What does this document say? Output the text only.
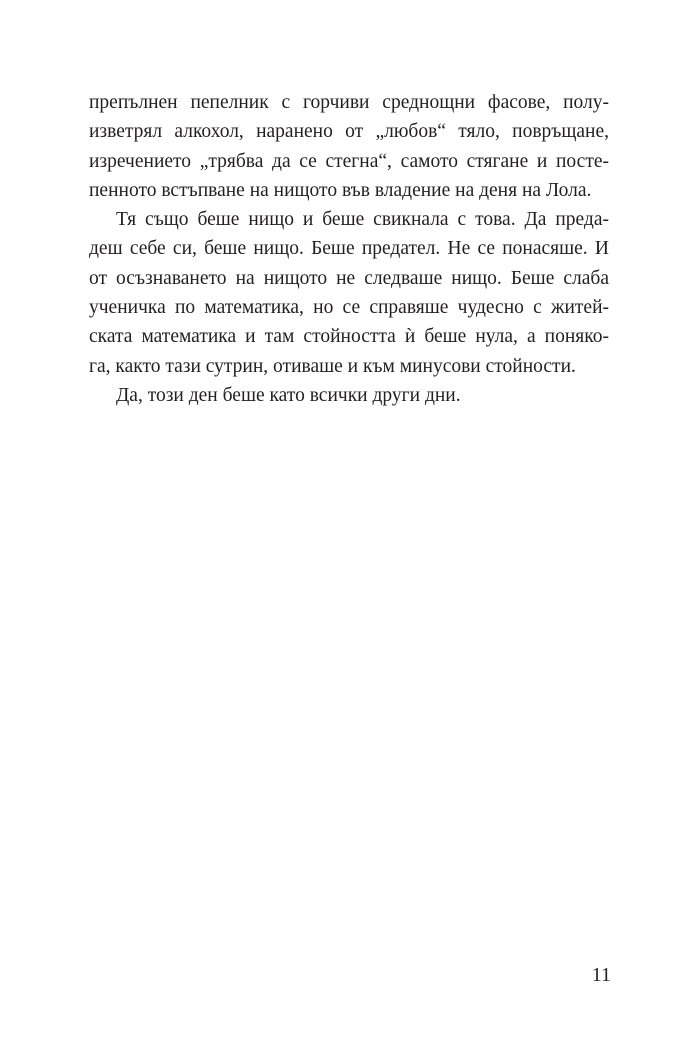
препълнен пепелник с горчиви среднощни фасове, полу-

изветрял алкохол, наранено от „любов“ тяло, повръщане,

изречението „трябва да се стегна“, самото стягане и посте-

пенното встъпване на нищото във владение на деня на Лола.

Тя също беше нищо и беше свикнала с това. Да преда-

деш себе си, беше нищо. Беше предател. Не се понасяше. И

от осъзнаването на нищото не следваше нищо. Беше слаба

ученичка по математика, но се справяше чудесно с житей-

ската математика и там стойността ѝ беше нула, а поняко-

га, както тази сутрин, отиваше и към минусови стойности.

Да, този ден беше като всички други дни.

11
